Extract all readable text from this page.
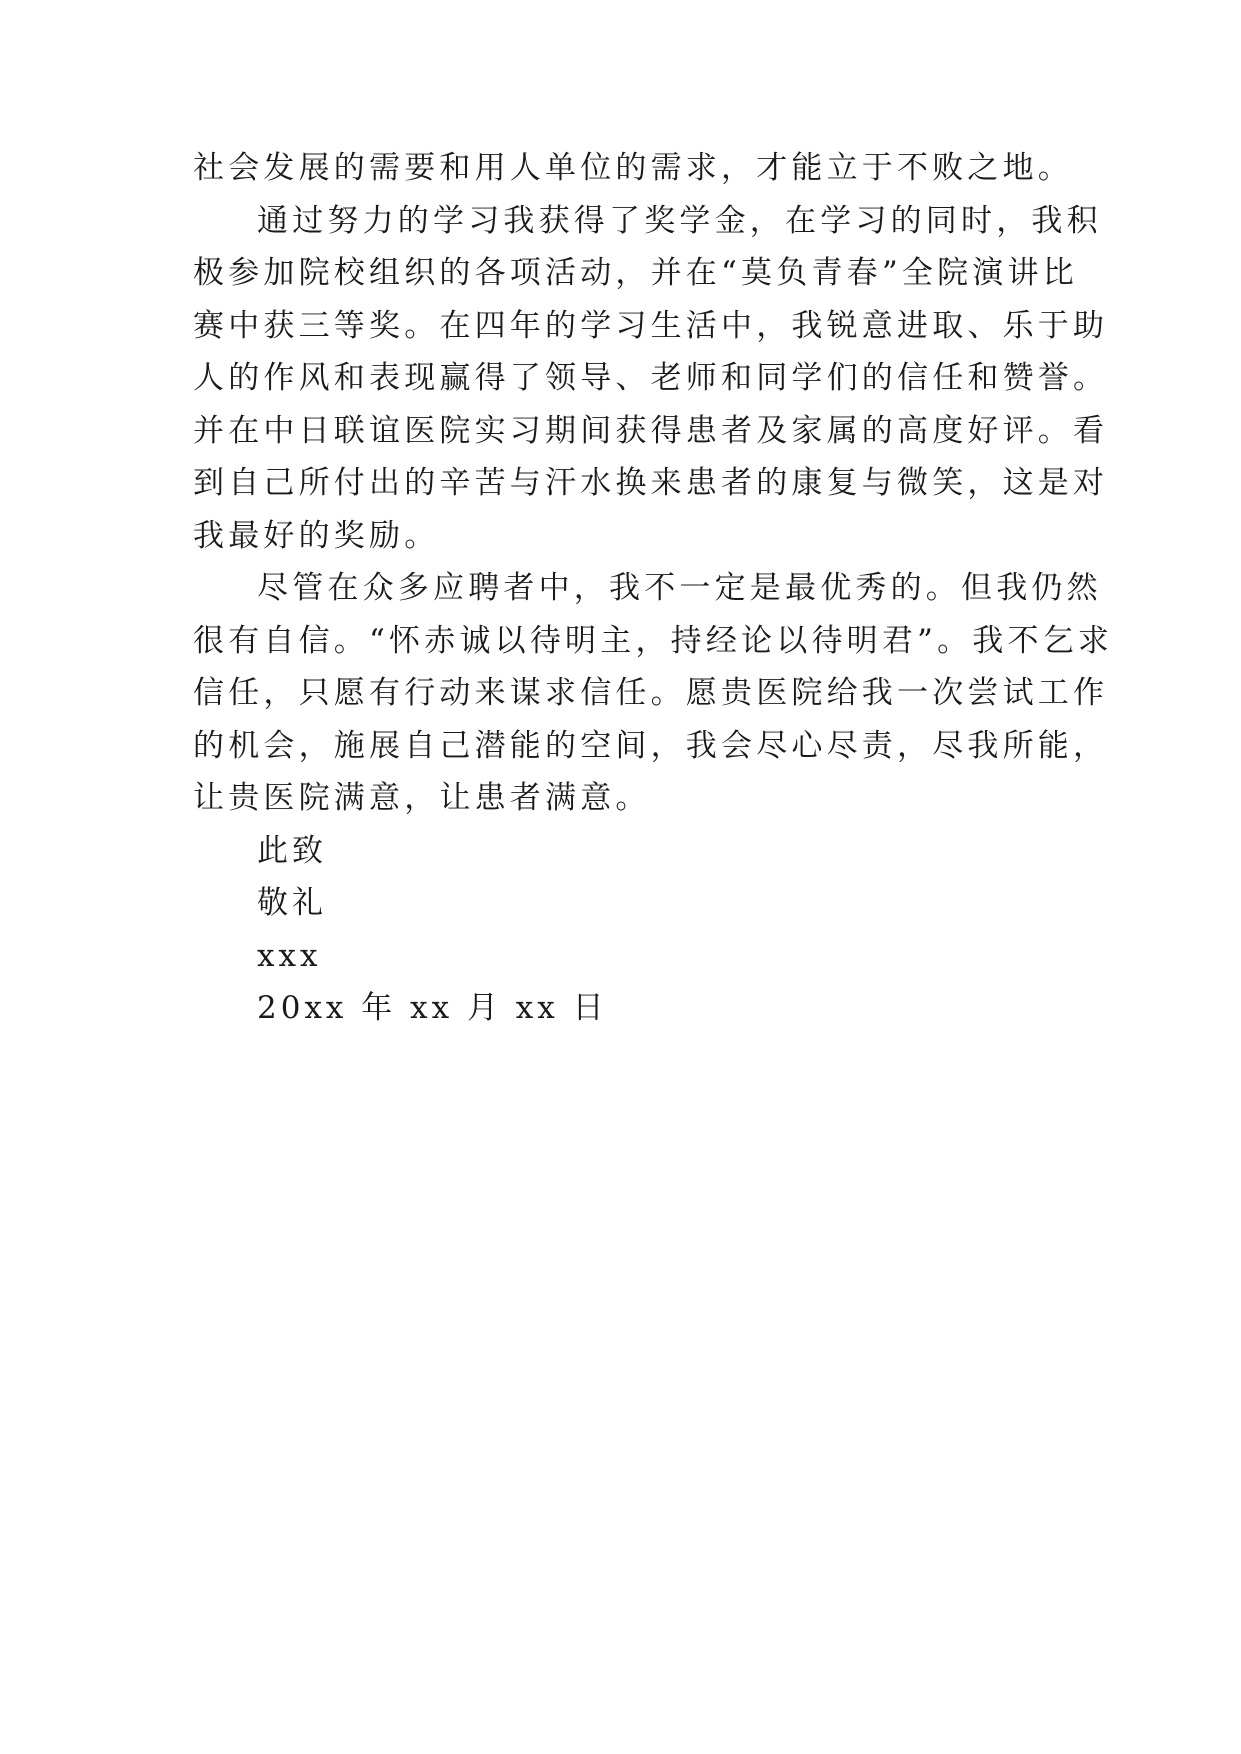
社会发展的需要和用人单位的需求，才能立于不败之地。
通过努力的学习我获得了奖学金，在学习的同时，我积
极参加院校组织的各项活动，并在“莫负青春”全院演讲比
赛中获三等奖。在四年的学习生活中，我锐意进取、乐于助
人的作风和表现赢得了领导、老师和同学们的信任和赞誉。
并在中日联谊医院实习期间获得患者及家属的高度好评。看
到自己所付出的辛苦与汗水换来患者的康复与微笑，这是对
我最好的奖励。
尽管在众多应聘者中，我不一定是最优秀的。但我仍然
很有自信。“怀赤诚以待明主，持经论以待明君”。我不乞求
信任，只愿有行动来谋求信任。愿贵医院给我一次尝试工作
的机会，施展自己潜能的空间，我会尽心尽责，尽我所能，
让贵医院满意，让患者满意。
此致
敬礼
xxx
20xx 年 xx 月 xx 日
